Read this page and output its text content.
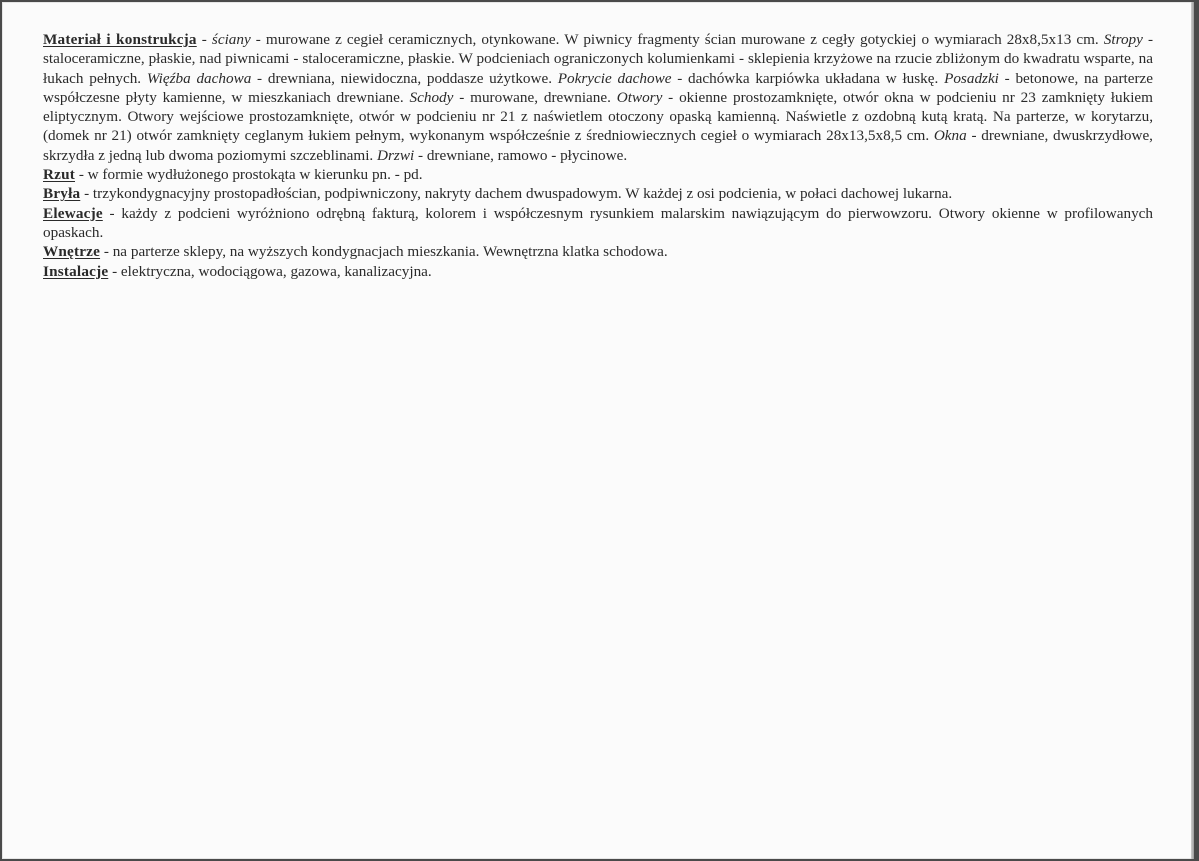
Materiał i konstrukcja - ściany - murowane z cegieł ceramicznych, otynkowane. W piwnicy fragmenty ścian murowane z cegły gotyckiej o wymiarach 28x8,5x13 cm. Stropy - staloceramiczne, płaskie, nad piwnicami - staloceramiczne, płaskie. W podcieniach ograniczonych kolumienkami - sklepienia krzyżowe na rzucie zbliżonym do kwadratu wsparte, na łukach pełnych. Więźba dachowa - drewniana, niewidoczna, poddasze użytkowe. Pokrycie dachowe - dachówka karpiówka układana w łuskę. Posadzki - betonowe, na parterze współczesne płyty kamienne, w mieszkaniach drewniane. Schody - murowane, drewniane. Otwory - okienne prostozamknięte, otwór okna w podcieniu nr 23 zamknięty łukiem eliptycznym. Otwory wejściowe prostozamknięte, otwór w podcieniu nr 21 z naświetlem otoczony opaską kamienną. Naświetle z ozdobną kutą kratą. Na parterze, w korytarzu, (domek nr 21) otwór zamknięty ceglanym łukiem pełnym, wykonanym współcześnie z średniowiecznych cegieł o wymiarach 28x13,5x8,5 cm. Okna - drewniane, dwuskrzydłowe, skrzydła z jedną lub dwoma poziomymi szczeblinami. Drzwi - drewniane, ramowo - płycinowe.

Rzut - w formie wydłużonego prostokąta w kierunku pn. - pd.

Bryła - trzykondygnacyjny prostopadłościan, podpiwniczony, nakryty dachem dwuspadowym. W każdej z osi podcienia, w połaci dachowej lukarna.

Elewacje - każdy z podcieni wyróżniono odrębną fakturą, kolorem i współczesnym rysunkiem malarskim nawiązującym do pierwowzoru. Otwory okienne w profilowanych opaskach.

Wnętrze - na parterze sklepy, na wyższych kondygnacjach mieszkania. Wewnętrzna klatka schodowa.

Instalacje - elektryczna, wodociągowa, gazowa, kanalizacyjna.
